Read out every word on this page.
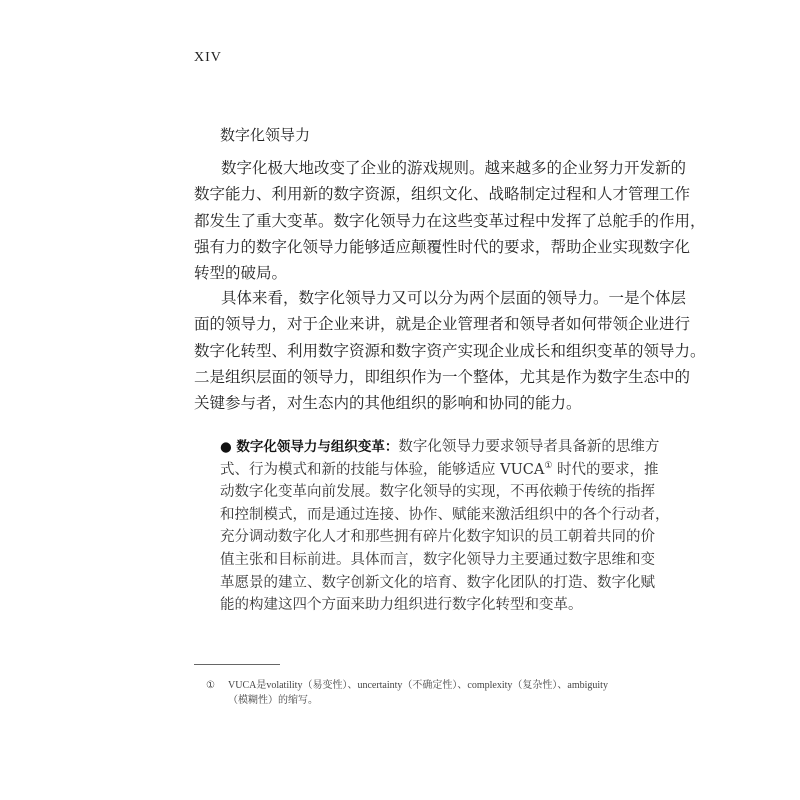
XIV
数字化领导力
数字化极大地改变了企业的游戏规则。越来越多的企业努力开发新的
数字能力、利用新的数字资源，组织文化、战略制定过程和人才管理工作
都发生了重大变革。数字化领导力在这些变革过程中发挥了总舵手的作用，
强有力的数字化领导力能够适应颠覆性时代的要求，帮助企业实现数字化
转型的破局。
具体来看，数字化领导力又可以分为两个层面的领导力。一是个体层
面的领导力，对于企业来讲，就是企业管理者和领导者如何带领企业进行
数字化转型、利用数字资源和数字资产实现企业成长和组织变革的领导力。
二是组织层面的领导力，即组织作为一个整体，尤其是作为数字生态中的
关键参与者，对生态内的其他组织的影响和协同的能力。
● 数字化领导力与组织变革：数字化领导力要求领导者具备新的思维方
式、行为模式和新的技能与体验，能够适应 VUCA① 时代的要求，推
动数字化变革向前发展。数字化领导的实现，不再依赖于传统的指挥
和控制模式，而是通过连接、协作、赋能来激活组织中的各个行动者，
充分调动数字化人才和那些拥有碎片化数字知识的员工朝着共同的价
值主张和目标前进。具体而言，数字化领导力主要通过数字思维和变
革愿景的建立、数字创新文化的培育、数字化团队的打造、数字化赋
能的构建这四个方面来助力组织进行数字化转型和变革。
① VUCA是volatility（易变性）、uncertainty（不确定性）、complexity（复杂性）、ambiguity
（模糊性）的缩写。
